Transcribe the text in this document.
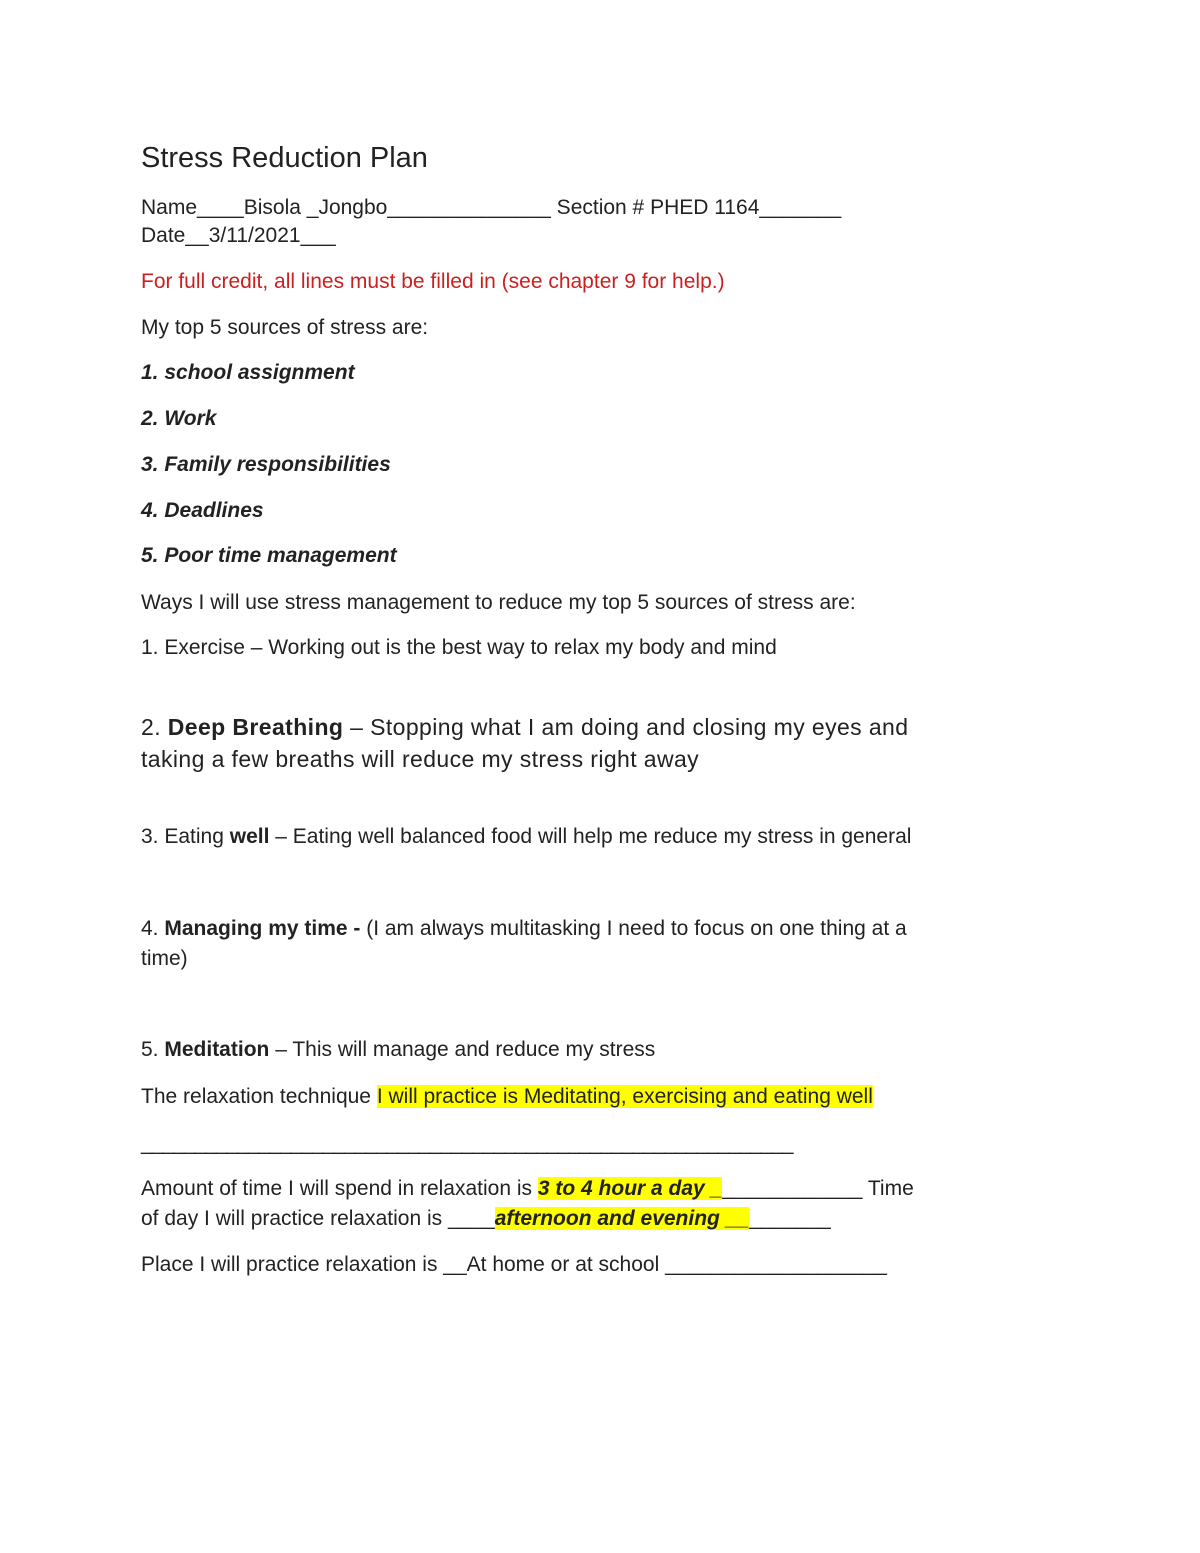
Stress Reduction Plan
Name____Bisola _Jongbo______________ Section # PHED 1164_______
Date__3/11/2021___
For full credit, all lines must be filled in (see chapter 9 for help.)
My top 5 sources of stress are:
1. school assignment
2. Work
3. Family responsibilities
4. Deadlines
5. Poor time management
Ways I will use stress management to reduce my top 5 sources of stress are:
1. Exercise – Working out is the best way to relax my body and mind
2. Deep Breathing – Stopping what I am doing and closing my eyes and
taking a few breaths will reduce my stress right away
3. Eating well – Eating well balanced food will help me reduce my stress in general
4. Managing my time - (I am always multitasking I need to focus on one thing at a
time)
5. Meditation – This will manage and reduce my stress
The relaxation technique I will practice is Meditating, exercising and eating well
_____________________________________________________________
Amount of time I will spend in relaxation is 3 to 4 hour a day _____________ Time
of day I will practice relaxation is ____afternoon and evening _________
Place I will practice relaxation is __At home or at school ___________________
